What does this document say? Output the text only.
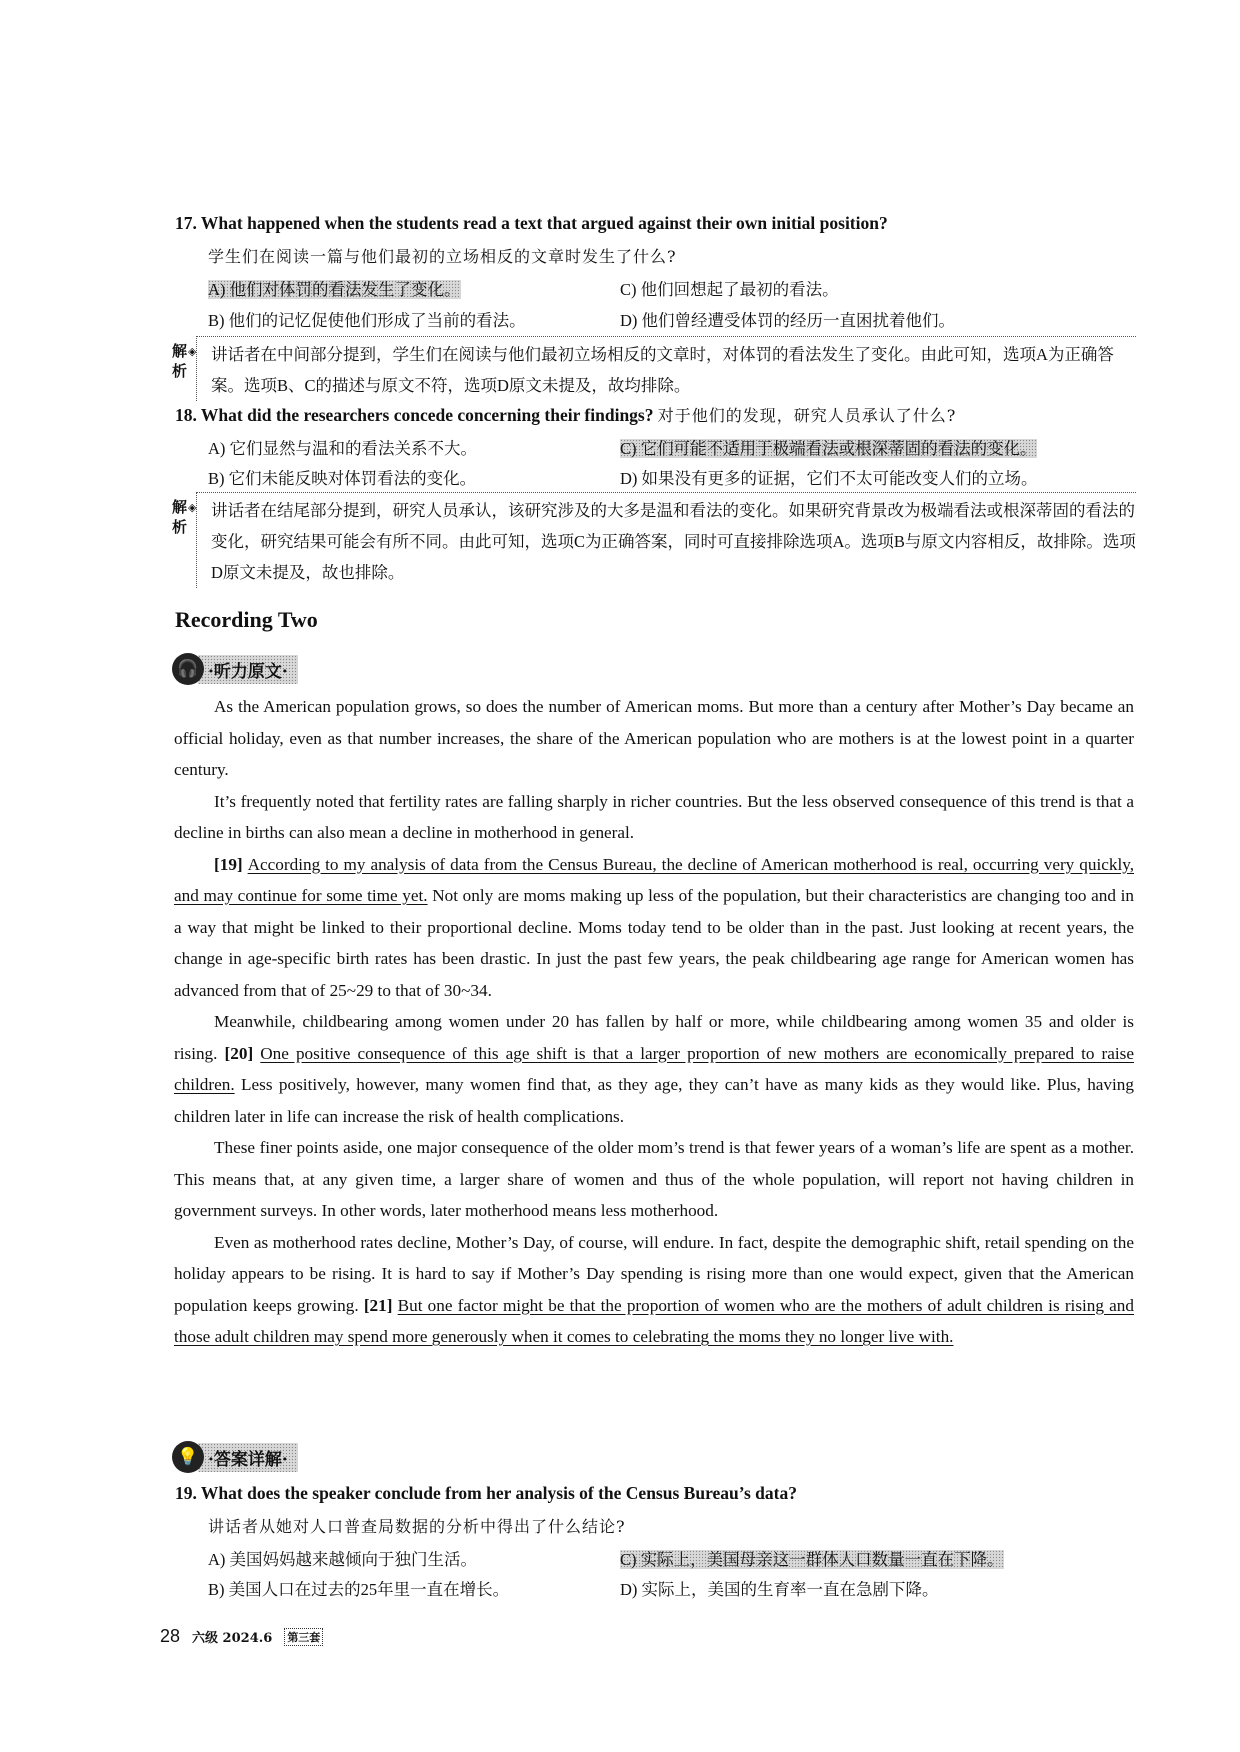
17. What happened when the students read a text that argued against their own initial position?
学生们在阅读一篇与他们最初的立场相反的文章时发生了什么?
A) 他们对体罚的看法发生了变化。	C) 他们回想起了最初的看法。
B) 他们的记忆促使他们形成了当前的看法。	D) 他们曾经遭受体罚的经历一直困扰着他们。
解析
◈ 讲话者在中间部分提到，学生们在阅读与他们最初立场相反的文章时，对体罚的看法发生了变化。由此可知，选项A为正确答案。选项B、C的描述与原文不符，选项D原文未提及，故均排除。
18. What did the researchers concede concerning their findings? 对于他们的发现，研究人员承认了什么?
A) 它们显然与温和的看法关系不大。	C) 它们可能不适用于极端看法或根深蒂固的看法的变化。
B) 它们未能反映对体罚看法的变化。	D) 如果没有更多的证据，它们不太可能改变人们的立场。
解析
◈ 讲话者在结尾部分提到，研究人员承认，该研究涉及的大多是温和看法的变化。如果研究背景改为极端看法或根深蒂固的看法的变化，研究结果可能会有所不同。由此可知，选项C为正确答案，同时可直接排除选项A。选项B与原文内容相反，故排除。选项D原文未提及，故也排除。
Recording Two
🎧 ·听力原文·

As the American population grows, so does the number of American moms. But more than a century after Mother’s Day became an official holiday, even as that number increases, the share of the American population who are mothers is at the lowest point in a quarter century.

It’s frequently noted that fertility rates are falling sharply in richer countries. But the less observed consequence of this trend is that a decline in births can also mean a decline in motherhood in general.

[19] According to my analysis of data from the Census Bureau, the decline of American motherhood is real, occurring very quickly, and may continue for some time yet. Not only are moms making up less of the population, but their characteristics are changing too and in a way that might be linked to their proportional decline. Moms today tend to be older than in the past. Just looking at recent years, the change in age-specific birth rates has been drastic. In just the past few years, the peak childbearing age range for American women has advanced from that of 25~29 to that of 30~34.

Meanwhile, childbearing among women under 20 has fallen by half or more, while childbearing among women 35 and older is rising. [20] One positive consequence of this age shift is that a larger proportion of new mothers are economically prepared to raise children. Less positively, however, many women find that, as they age, they can’t have as many kids as they would like. Plus, having children later in life can increase the risk of health complications.

These finer points aside, one major consequence of the older mom’s trend is that fewer years of a woman’s life are spent as a mother. This means that, at any given time, a larger share of women and thus of the whole population, will report not having children in government surveys. In other words, later motherhood means less motherhood.

Even as motherhood rates decline, Mother’s Day, of course, will endure. In fact, despite the demographic shift, retail spending on the holiday appears to be rising. It is hard to say if Mother’s Day spending is rising more than one would expect, given that the American population keeps growing. [21] But one factor might be that the proportion of women who are the mothers of adult children is rising and those adult children may spend more generously when it comes to celebrating the moms they no longer live with.

💡 ·答案详解·
19. What does the speaker conclude from her analysis of the Census Bureau’s data?
讲话者从她对人口普查局数据的分析中得出了什么结论?
A) 美国妈妈越来越倾向于独门生活。	C) 实际上，美国母亲这一群体人口数量一直在下降。
B) 美国人口在过去的25年里一直在增长。	D) 实际上，美国的生育率一直在急剧下降。
28 六级 2024.6 第三套
